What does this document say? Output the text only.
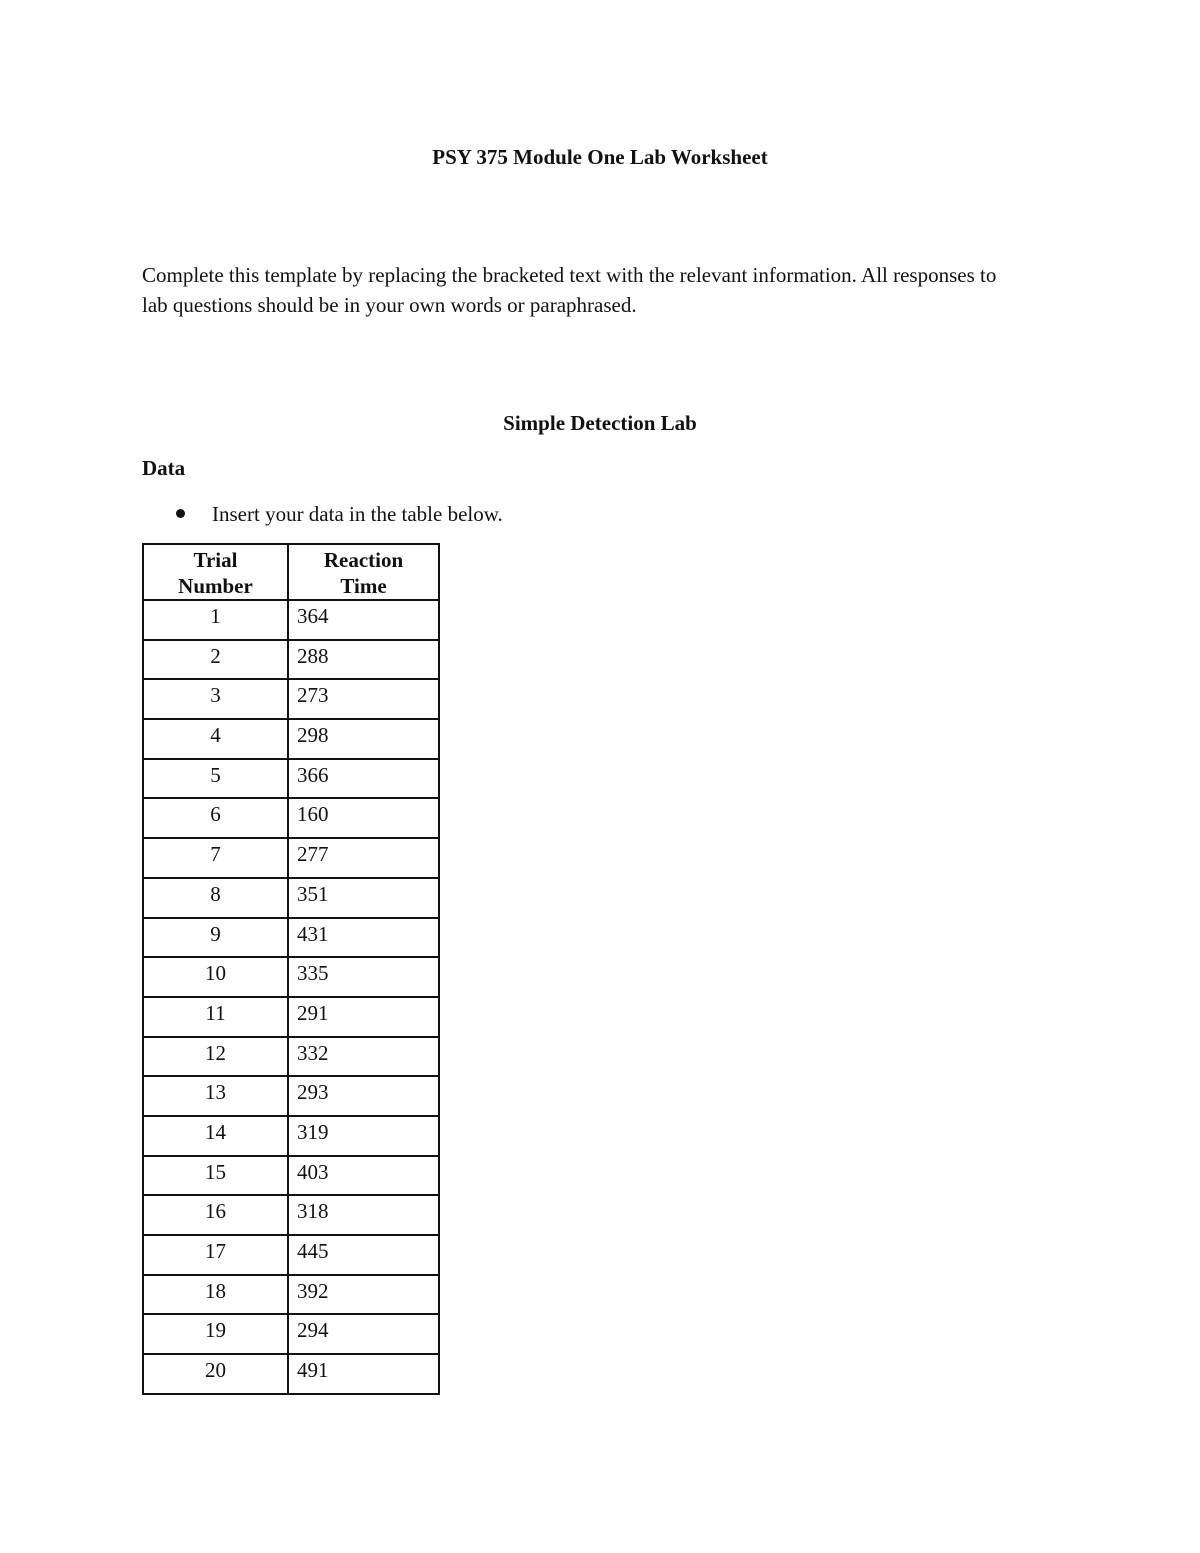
PSY 375 Module One Lab Worksheet

Complete this template by replacing the bracketed text with the relevant information. All responses to lab questions should be in your own words or paraphrased.

Simple Detection Lab
Data
Insert your data in the table below.
Trial Number	Reaction Time

1	364
2	288
3	273
4	298
5	366
6	160
7	277
8	351
9	431
10	335
11	291
12	332
13	293
14	319
15	403
16	318
17	445
18	392
19	294
20	491
